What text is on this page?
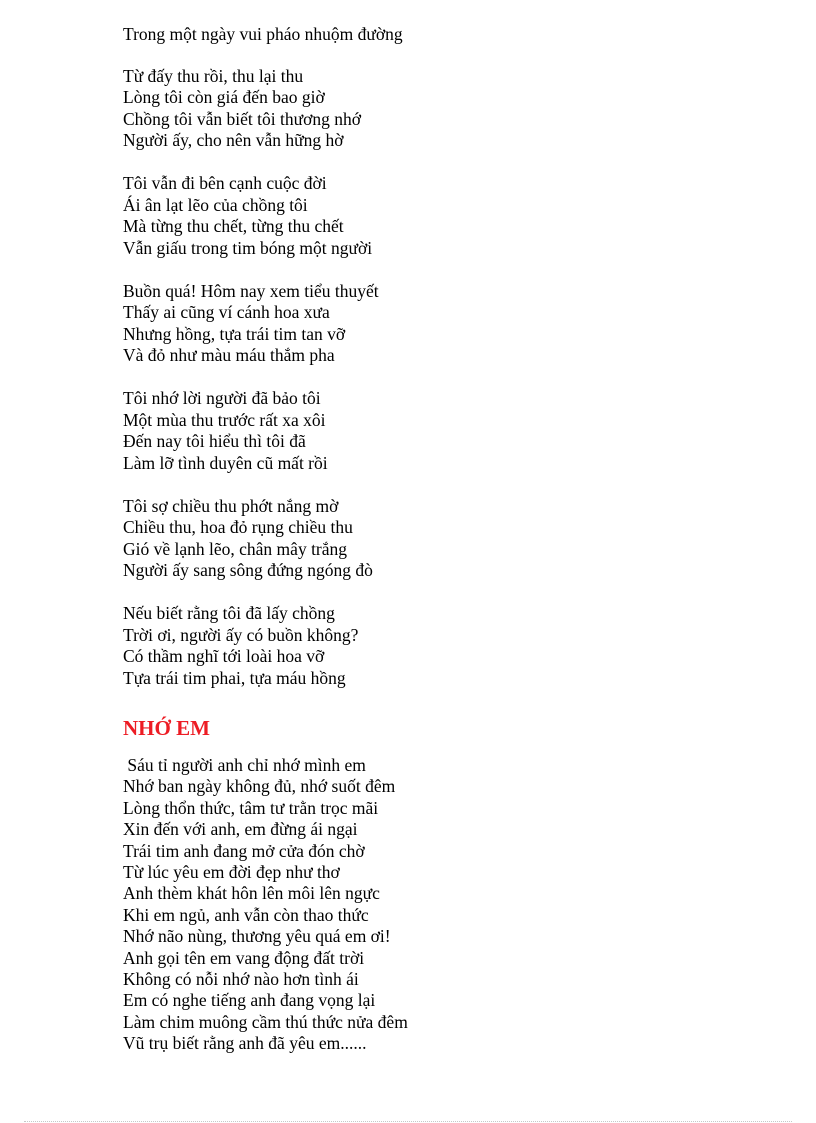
Trong một ngày vui pháo nhuộm đường
Từ đấy thu rồi, thu lại thu
Lòng tôi còn giá đến bao giờ
Chồng tôi vẫn biết tôi thương nhớ
Người ấy, cho nên vẫn hững hờ
Tôi vẫn đi bên cạnh cuộc đời
Ái ân lạt lẽo của chồng tôi
Mà từng thu chết, từng thu chết
Vẫn giấu trong tim bóng một người
Buồn quá! Hôm nay xem tiểu thuyết
Thấy ai cũng ví cánh hoa xưa
Nhưng hồng, tựa trái tim tan vỡ
Và đỏ như màu máu thắm pha
Tôi nhớ lời người đã bảo tôi
Một mùa thu trước rất xa xôi
Đến nay tôi hiểu thì tôi đã
Làm lỡ tình duyên cũ mất rồi
Tôi sợ chiều thu phớt nắng mờ
Chiều thu, hoa đỏ rụng chiều thu
Gió về lạnh lẽo, chân mây trắng
Người ấy sang sông đứng ngóng đò
Nếu biết rằng tôi đã lấy chồng
Trời ơi, người ấy có buồn không?
Có thầm nghĩ tới loài hoa vỡ
Tựa trái tim phai, tựa máu hồng
NHỚ EM
Sáu tỉ người anh chỉ nhớ mình em
Nhớ ban ngày không đủ, nhớ suốt đêm
Lòng thổn thức, tâm tư trằn trọc mãi
Xin đến với anh, em đừng ái ngại
Trái tim anh đang mở cửa đón chờ
Từ lúc yêu em đời đẹp như thơ
Anh thèm khát hôn lên môi lên ngực
Khi em ngủ, anh vẫn còn thao thức
Nhớ não nùng, thương yêu quá em ơi!
Anh gọi tên em vang động đất trời
Không có nỗi nhớ nào hơn tình ái
Em có nghe tiếng anh đang vọng lại
Làm chim muông cầm thú thức nửa đêm
Vũ trụ biết rằng anh đã yêu em......
